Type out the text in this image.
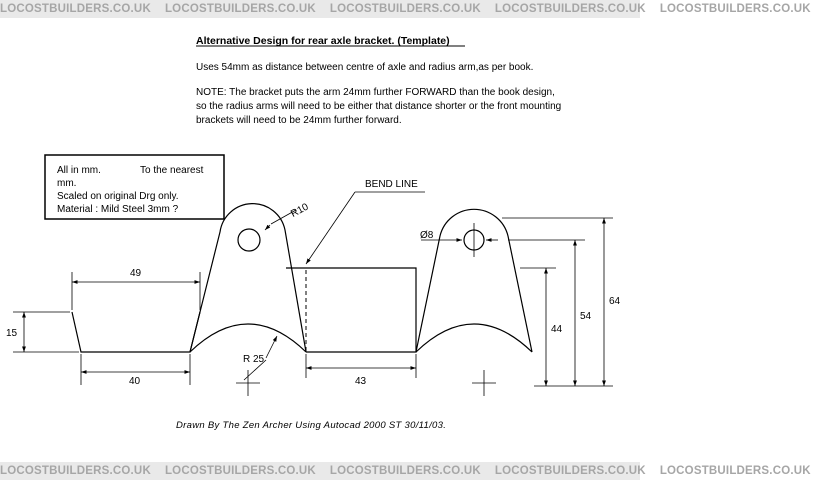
LOCOSTBUILDERS.CO.UK LOCOSTBUILDERS.CO.UK LOCOSTBUILDERS.CO.UK LOCOSTBUILDERS.CO.UK LOCOSTBUILDERS.CO.UK
Alternative Design for rear axle bracket. (Template)
Uses 54mm as distance between centre of axle and radius arm,as per book.
NOTE: The bracket puts the arm 24mm further FORWARD than the book design,
so the radius arms will need to be either that distance shorter or the front mounting
brackets will need to be 24mm further forward.
All in mm.	To the nearest
mm.
Scaled on original Drg only.
Material : Mild Steel 3mm ?
BEND LINE
R10
Ø8
R 25
49
15
40	43
44
54
64
Drawn By The Zen Archer Using Autocad 2000 ST 30/11/03.
LOCOSTBUILDERS.CO.UK LOCOSTBUILDERS.CO.UK LOCOSTBUILDERS.CO.UK LOCOSTBUILDERS.CO.UK LOCOSTBUILDERS.CO.UK
